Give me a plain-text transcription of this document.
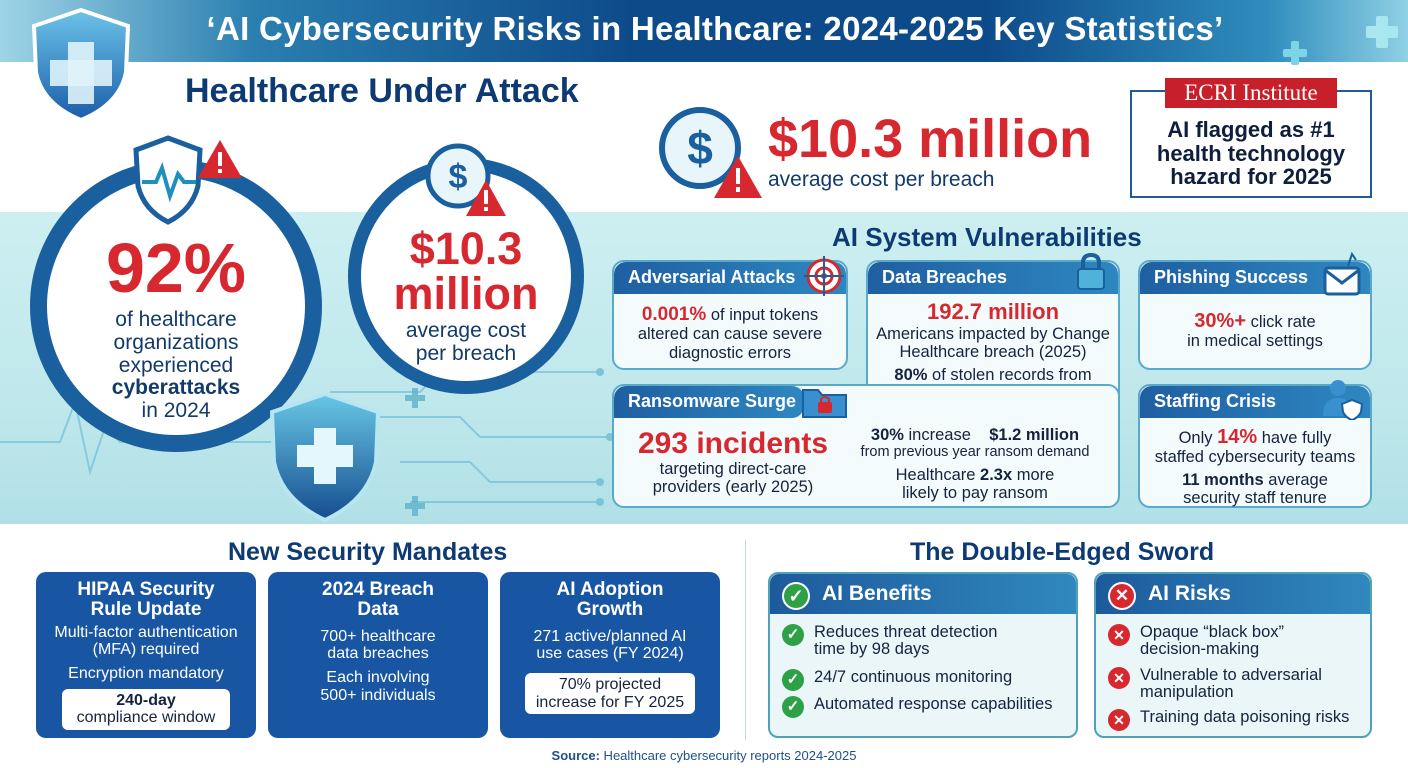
‘AI Cybersecurity Risks in Healthcare: 2024-2025 Key Statistics’
Healthcare Under Attack
92%
of healthcare
organizations
experienced
cyberattacks
in 2024
$10.3
million
average cost
per breach
$
$ $10.3 million
average cost per breach
ECRI Institute
AI flagged as #1
health technology
hazard for 2025
AI System Vulnerabilities
Adversarial Attacks
0.001% of input tokens
altered can cause severe
diagnostic errors
Data Breaches
192.7 million
Americans impacted by Change
Healthcare breach (2025)
80% of stolen records from
Phishing Success
30%+ click rate
in medical settings
Ransomware Surge
293 incidents
targeting direct-care
providers (early 2025)
30% increase $1.2 million
from previous year ransom demand
Healthcare 2.3x more
likely to pay ransom
Staffing Crisis
Only 14% have fully
staffed cybersecurity teams
11 months average
security staff tenure
New Security Mandates
HIPAA Security
Rule Update
Multi-factor authentication
(MFA) required
Encryption mandatory
240-day
compliance window
2024 Breach
Data
700+ healthcare
data breaches
Each involving
500+ individuals
AI Adoption
Growth
271 active/planned AI
use cases (FY 2024)
70% projected
increase for FY 2025
The Double-Edged Sword
AI Benefits
✓
✓ Reduces threat detection
time by 98 days
✓ 24/7 continuous monitoring
✓ Automated response capabilities
AI Risks
✕
✕ Opaque “black box”
decision-making
✕ Vulnerable to adversarial
manipulation
✕ Training data poisoning risks
Source: Healthcare cybersecurity reports 2024-2025
